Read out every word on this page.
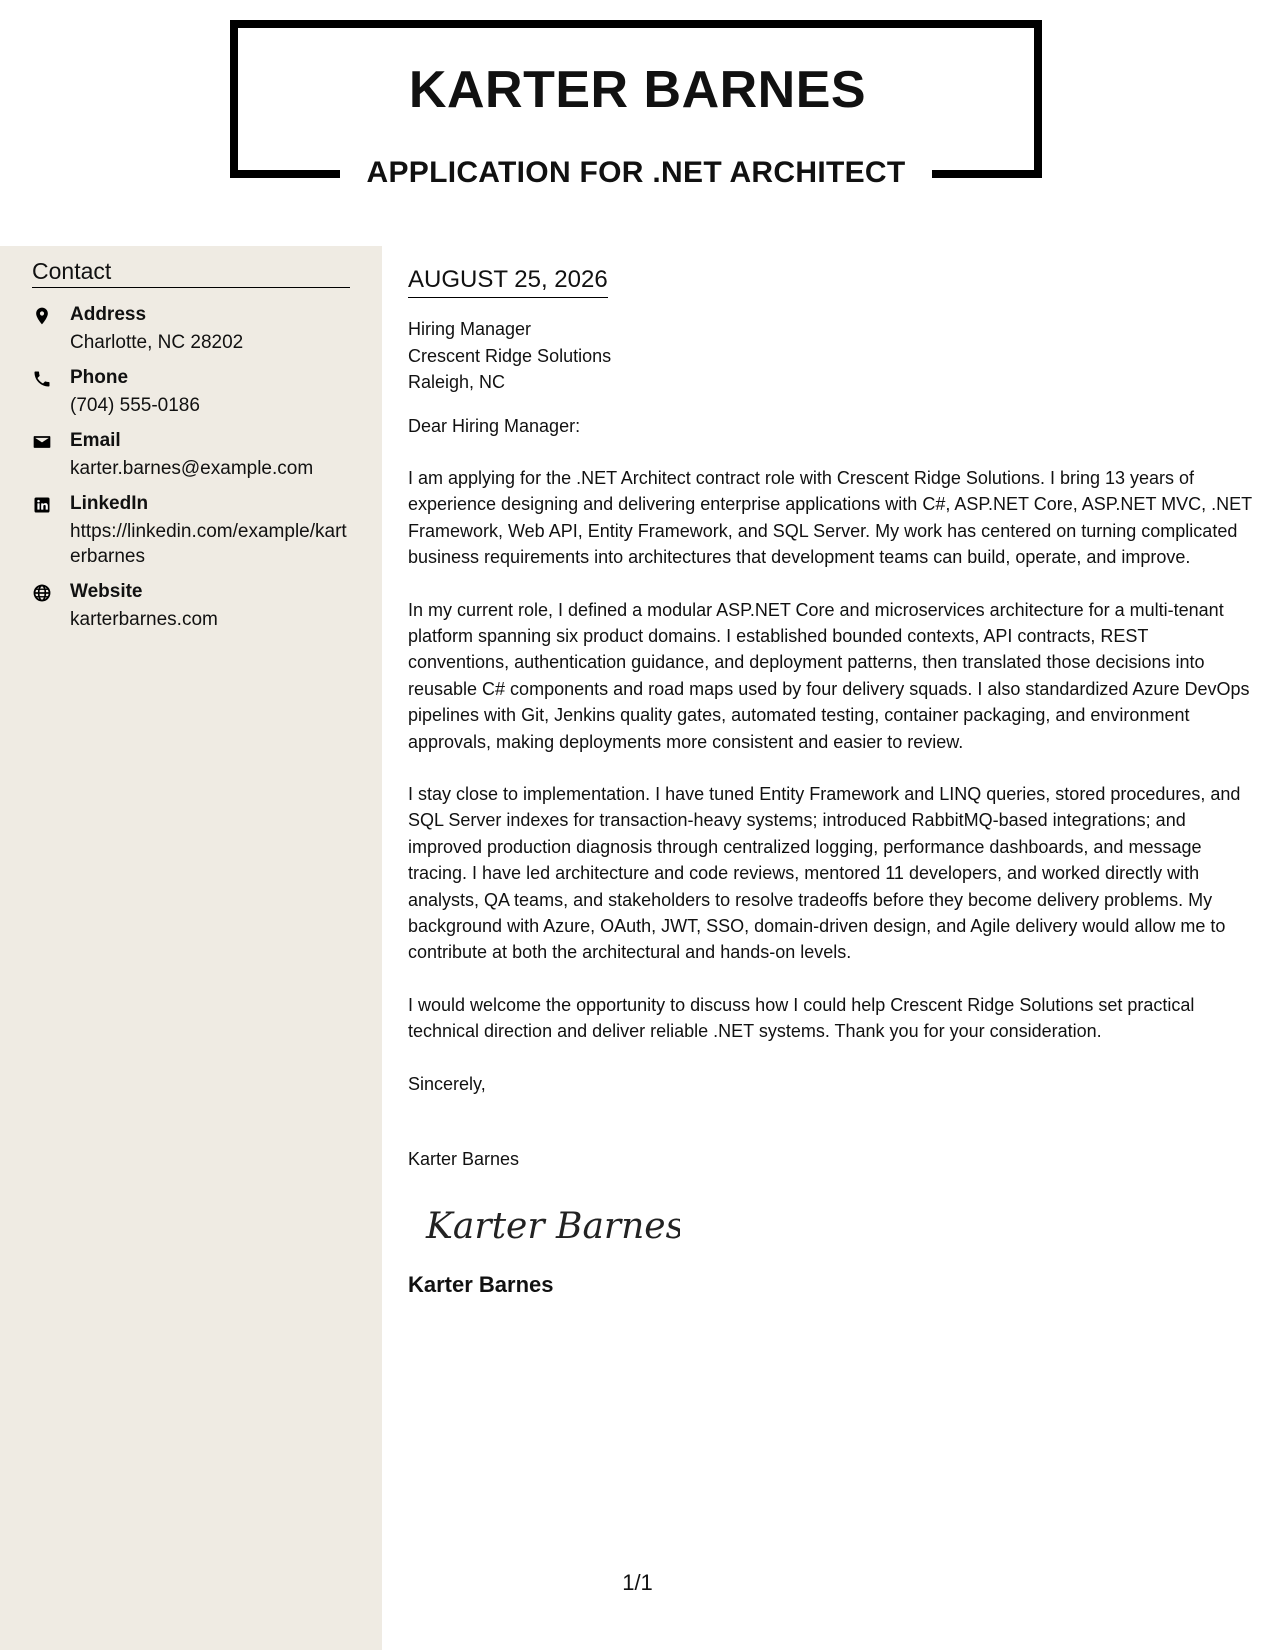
KARTER BARNES
APPLICATION FOR .NET ARCHITECT
Contact
Address
Charlotte, NC 28202
Phone
(704) 555-0186
Email
karter.barnes@example.com
LinkedIn
https://linkedin.com/example/karterbarnes
Website
karterbarnes.com
AUGUST 25, 2026
Hiring Manager
Crescent Ridge Solutions
Raleigh, NC

Dear Hiring Manager:

I am applying for the .NET Architect contract role with Crescent Ridge Solutions. I bring 13 years of experience designing and delivering enterprise applications with C#, ASP.NET Core, ASP.NET MVC, .NET Framework, Web API, Entity Framework, and SQL Server. My work has centered on turning complicated business requirements into architectures that development teams can build, operate, and improve.

In my current role, I defined a modular ASP.NET Core and microservices architecture for a multi-tenant platform spanning six product domains. I established bounded contexts, API contracts, REST conventions, authentication guidance, and deployment patterns, then translated those decisions into reusable C# components and road maps used by four delivery squads. I also standardized Azure DevOps pipelines with Git, Jenkins quality gates, automated testing, container packaging, and environment approvals, making deployments more consistent and easier to review.

I stay close to implementation. I have tuned Entity Framework and LINQ queries, stored procedures, and SQL Server indexes for transaction-heavy systems; introduced RabbitMQ-based integrations; and improved production diagnosis through centralized logging, performance dashboards, and message tracing. I have led architecture and code reviews, mentored 11 developers, and worked directly with analysts, QA teams, and stakeholders to resolve tradeoffs before they become delivery problems. My background with Azure, OAuth, JWT, SSO, domain-driven design, and Agile delivery would allow me to contribute at both the architectural and hands-on levels.

I would welcome the opportunity to discuss how I could help Crescent Ridge Solutions set practical technical direction and deliver reliable .NET systems. Thank you for your consideration.

Sincerely,

Karter Barnes
Karter Barnes
Karter Barnes
1/1
